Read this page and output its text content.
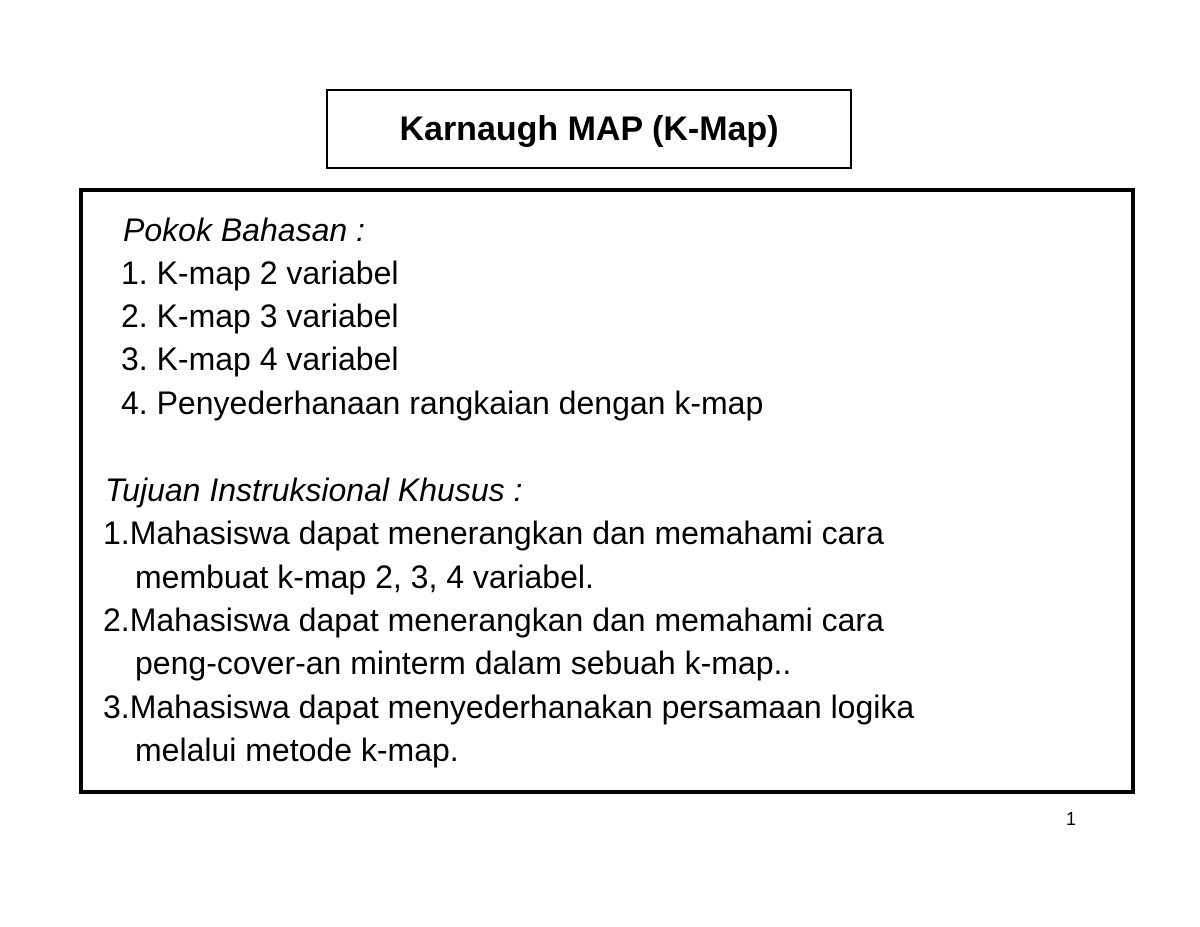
Karnaugh MAP (K-Map)
Pokok Bahasan :
1. K-map 2 variabel
2. K-map 3 variabel
3. K-map 4 variabel
4. Penyederhanaan rangkaian dengan k-map
Tujuan Instruksional Khusus :
1.Mahasiswa dapat menerangkan dan memahami cara
membuat k-map 2, 3, 4 variabel.
2.Mahasiswa dapat menerangkan dan memahami cara
peng-cover-an minterm dalam sebuah k-map..
3.Mahasiswa dapat menyederhanakan persamaan logika
melalui metode k-map.
1
